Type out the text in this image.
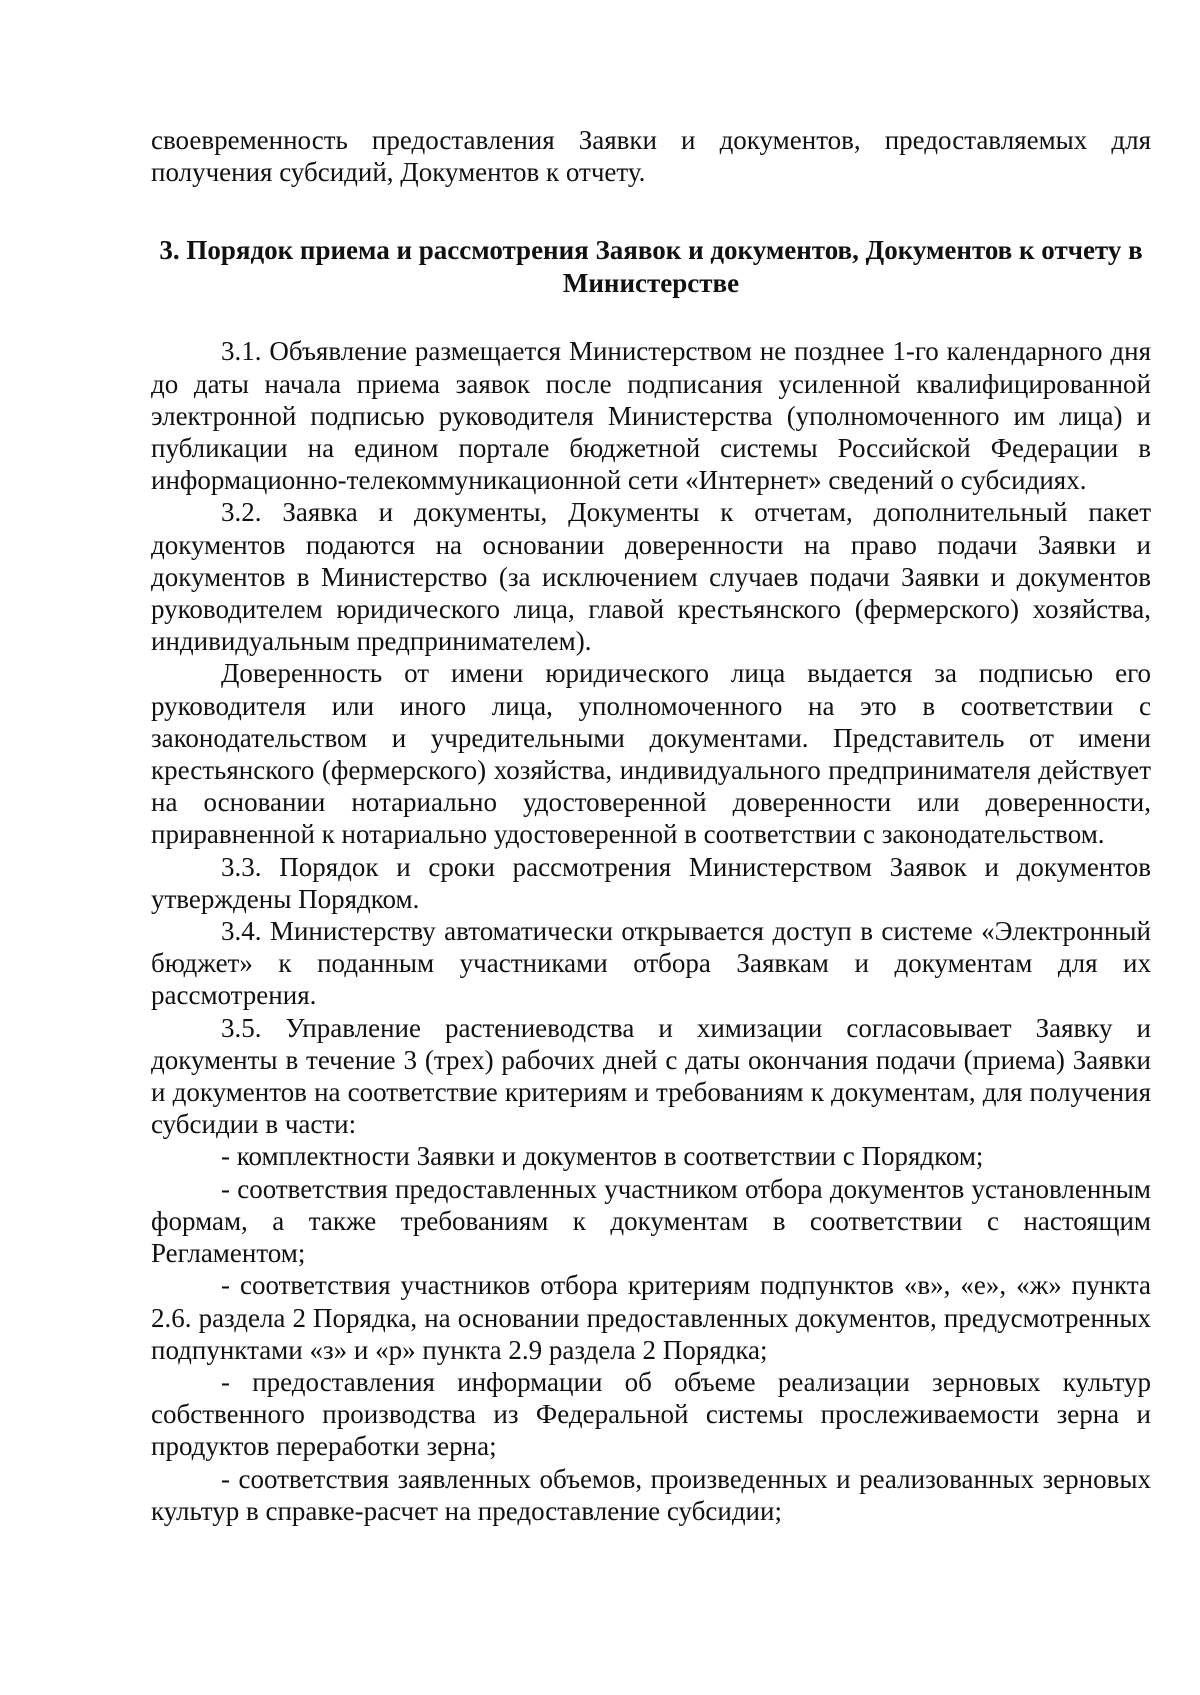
своевременность предоставления Заявки и документов, предоставляемых для получения субсидий, Документов к отчету.

3. Порядок приема и рассмотрения Заявок и документов, Документов к отчету в Министерстве

3.1. Объявление размещается Министерством не позднее 1-го календарного дня до даты начала приема заявок после подписания усиленной квалифицированной электронной подписью руководителя Министерства (уполномоченного им лица) и публикации на едином портале бюджетной системы Российской Федерации в информационно-телекоммуникационной сети «Интернет» сведений о субсидиях.

3.2. Заявка и документы, Документы к отчетам, дополнительный пакет документов подаются на основании доверенности на право подачи Заявки и документов в Министерство (за исключением случаев подачи Заявки и документов руководителем юридического лица, главой крестьянского (фермерского) хозяйства, индивидуальным предпринимателем).

Доверенность от имени юридического лица выдается за подписью его руководителя или иного лица, уполномоченного на это в соответствии с законодательством и учредительными документами. Представитель от имени крестьянского (фермерского) хозяйства, индивидуального предпринимателя действует на основании нотариально удостоверенной доверенности или доверенности, приравненной к нотариально удостоверенной в соответствии с законодательством.

3.3. Порядок и сроки рассмотрения Министерством Заявок и документов утверждены Порядком.

3.4. Министерству автоматически открывается доступ в системе «Электронный бюджет» к поданным участниками отбора Заявкам и документам для их рассмотрения.

3.5. Управление растениеводства и химизации согласовывает Заявку и документы в течение 3 (трех) рабочих дней с даты окончания подачи (приема) Заявки и документов на соответствие критериям и требованиям к документам, для получения субсидии в части:

- комплектности Заявки и документов в соответствии с Порядком;

- соответствия предоставленных участником отбора документов установленным формам, а также требованиям к документам в соответствии с настоящим Регламентом;

- соответствия участников отбора критериям подпунктов «в», «е», «ж» пункта 2.6. раздела 2 Порядка, на основании предоставленных документов, предусмотренных подпунктами «з» и «р» пункта 2.9 раздела 2 Порядка;

- предоставления информации об объеме реализации зерновых культур собственного производства из Федеральной системы прослеживаемости зерна и продуктов переработки зерна;

- соответствия заявленных объемов, произведенных и реализованных зерновых культур в справке-расчет на предоставление субсидии;
